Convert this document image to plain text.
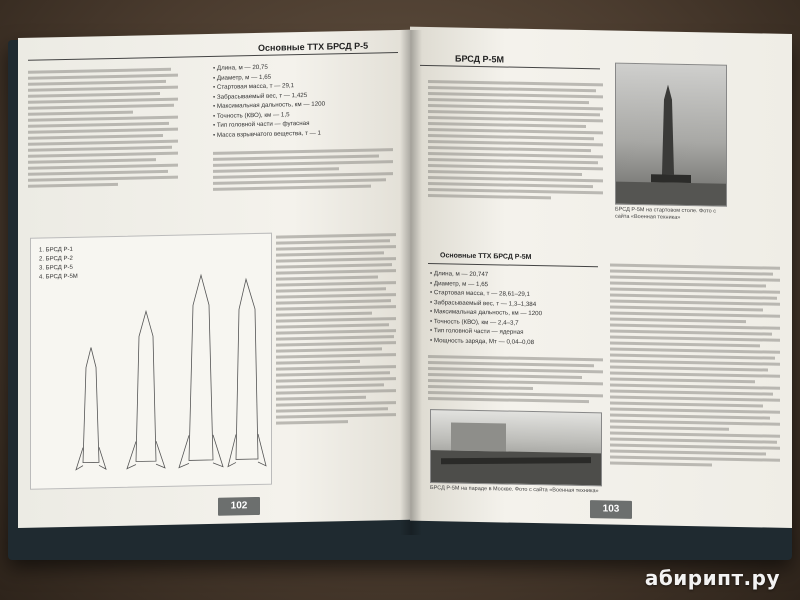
Основные ТТХ БРСД Р-5
• Длина, м — 20,75
• Диаметр, м — 1,65
• Стартовая масса, т — 29,1
• Забрасываемый вес, т — 1,425
• Максимальная дальность, км — 1200
• Точность (КВО), км — 1,5
• Тип головной части — фугасная
• Масса взрывчатого вещества, т — 1
1. БРСД Р-1
2. БРСД Р-2
3. БРСД Р-5
4. БРСД Р-5М
102
БРСД Р-5М
БРСД Р-5М на стартовом столе. Фото с сайта «Военная техника»
Основные ТТХ БРСД Р-5М
• Длина, м — 20,747
• Диаметр, м — 1,65
• Стартовая масса, т — 28,61–29,1
• Забрасываемый вес, т — 1,3–1,384
• Максимальная дальность, км — 1200
• Точность (КВО), км — 2,4–3,7
• Тип головной части — ядерная
• Мощность заряда, Мт — 0,04–0,08
БРСД Р-5М на параде в Москве. Фото с сайта «Военная техника»
103
абирипт.ру
